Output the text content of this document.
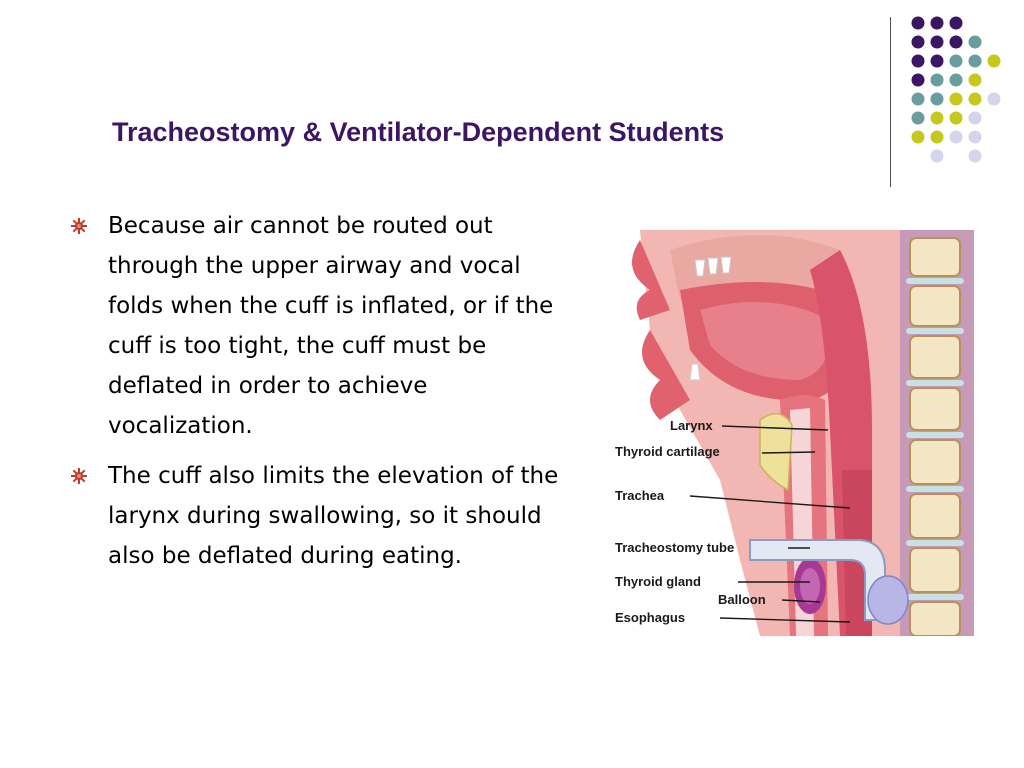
Tracheostomy & Ventilator-Dependent Students
Because air cannot be routed out through the upper airway and vocal folds when the cuff is inflated, or if the cuff is too tight, the cuff must be deflated in order to achieve vocalization.
The cuff also limits the elevation of the larynx during swallowing, so it should also be deflated during eating.
Larynx
Thyroid cartilage
Trachea
Tracheostomy tube
Thyroid gland
Balloon
Esophagus
